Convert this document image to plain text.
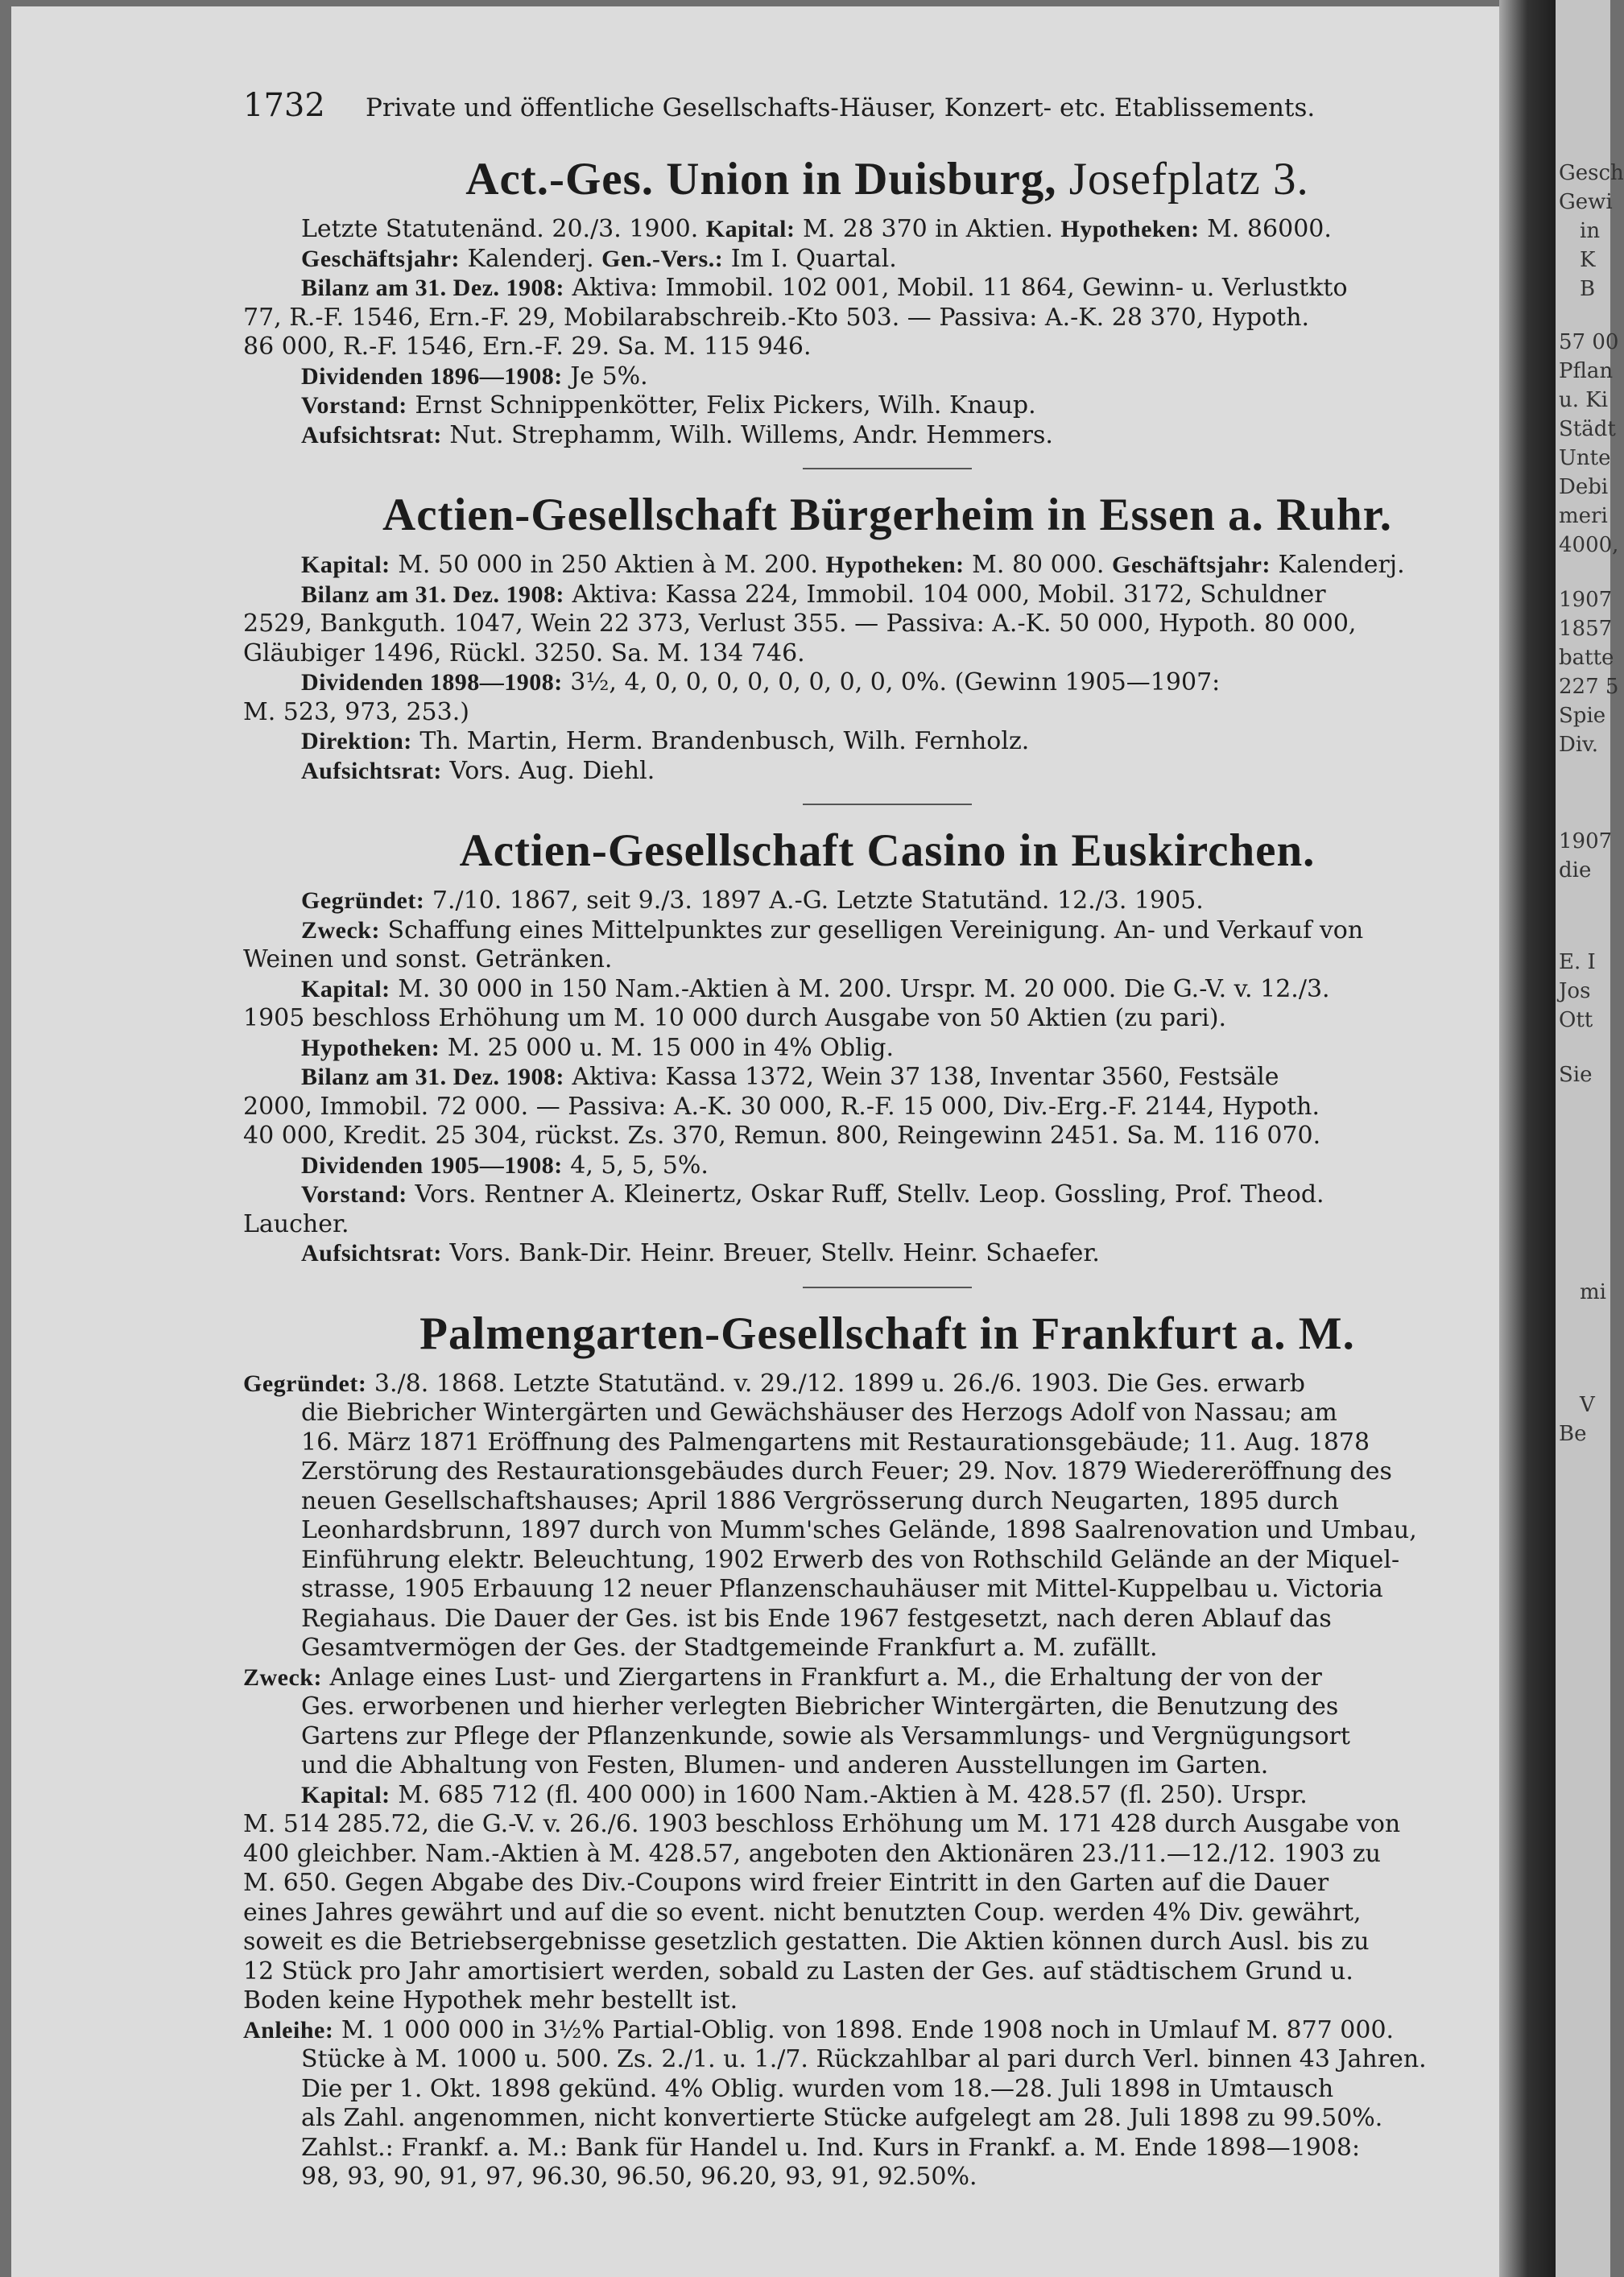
1732 Private und öffentliche Gesellschafts-Häuser, Konzert- etc. Etablissements.
Act.-Ges. Union in Duisburg, Josefplatz 3.

Letzte Statutenänd. 20./3. 1900. Kapital: M. 28 370 in Aktien. Hypotheken: M. 86000.

Geschäftsjahr: Kalenderj. Gen.-Vers.: Im I. Quartal.

Bilanz am 31. Dez. 1908: Aktiva: Immobil. 102 001, Mobil. 11 864, Gewinn- u. Verlustkto

77, R.-F. 1546, Ern.-F. 29, Mobilarabschreib.-Kto 503. — Passiva: A.-K. 28 370, Hypoth.

86 000, R.-F. 1546, Ern.-F. 29. Sa. M. 115 946.

Dividenden 1896—1908: Je 5%.

Vorstand: Ernst Schnippenkötter, Felix Pickers, Wilh. Knaup.

Aufsichtsrat: Nut. Strephamm, Wilh. Willems, Andr. Hemmers.

Actien-Gesellschaft Bürgerheim in Essen a. Ruhr.

Kapital: M. 50 000 in 250 Aktien à M. 200. Hypotheken: M. 80 000. Geschäftsjahr: Kalenderj.

Bilanz am 31. Dez. 1908: Aktiva: Kassa 224, Immobil. 104 000, Mobil. 3172, Schuldner

2529, Bankguth. 1047, Wein 22 373, Verlust 355. — Passiva: A.-K. 50 000, Hypoth. 80 000,

Gläubiger 1496, Rückl. 3250. Sa. M. 134 746.

Dividenden 1898—1908: 3½, 4, 0, 0, 0, 0, 0, 0, 0, 0, 0%. (Gewinn 1905—1907:

M. 523, 973, 253.)

Direktion: Th. Martin, Herm. Brandenbusch, Wilh. Fernholz.

Aufsichtsrat: Vors. Aug. Diehl.

Actien-Gesellschaft Casino in Euskirchen.

Gegründet: 7./10. 1867, seit 9./3. 1897 A.-G. Letzte Statutänd. 12./3. 1905.

Zweck: Schaffung eines Mittelpunktes zur geselligen Vereinigung. An- und Verkauf von

Weinen und sonst. Getränken.

Kapital: M. 30 000 in 150 Nam.-Aktien à M. 200. Urspr. M. 20 000. Die G.-V. v. 12./3.

1905 beschloss Erhöhung um M. 10 000 durch Ausgabe von 50 Aktien (zu pari).

Hypotheken: M. 25 000 u. M. 15 000 in 4% Oblig.

Bilanz am 31. Dez. 1908: Aktiva: Kassa 1372, Wein 37 138, Inventar 3560, Festsäle

2000, Immobil. 72 000. — Passiva: A.-K. 30 000, R.-F. 15 000, Div.-Erg.-F. 2144, Hypoth.

40 000, Kredit. 25 304, rückst. Zs. 370, Remun. 800, Reingewinn 2451. Sa. M. 116 070.

Dividenden 1905—1908: 4, 5, 5, 5%.

Vorstand: Vors. Rentner A. Kleinertz, Oskar Ruff, Stellv. Leop. Gossling, Prof. Theod.

Laucher.

Aufsichtsrat: Vors. Bank-Dir. Heinr. Breuer, Stellv. Heinr. Schaefer.

Palmengarten-Gesellschaft in Frankfurt a. M.

Gegründet: 3./8. 1868. Letzte Statutänd. v. 29./12. 1899 u. 26./6. 1903. Die Ges. erwarb

die Biebricher Wintergärten und Gewächshäuser des Herzogs Adolf von Nassau; am

16. März 1871 Eröffnung des Palmengartens mit Restaurationsgebäude; 11. Aug. 1878

Zerstörung des Restaurationsgebäudes durch Feuer; 29. Nov. 1879 Wiedereröffnung des

neuen Gesellschaftshauses; April 1886 Vergrösserung durch Neugarten, 1895 durch

Leonhardsbrunn, 1897 durch von Mumm'sches Gelände, 1898 Saalrenovation und Umbau,

Einführung elektr. Beleuchtung, 1902 Erwerb des von Rothschild Gelände an der Miquel-

strasse, 1905 Erbauung 12 neuer Pflanzenschauhäuser mit Mittel-Kuppelbau u. Victoria

Regiahaus. Die Dauer der Ges. ist bis Ende 1967 festgesetzt, nach deren Ablauf das

Gesamtvermögen der Ges. der Stadtgemeinde Frankfurt a. M. zufällt.

Zweck: Anlage eines Lust- und Ziergartens in Frankfurt a. M., die Erhaltung der von der

Ges. erworbenen und hierher verlegten Biebricher Wintergärten, die Benutzung des

Gartens zur Pflege der Pflanzenkunde, sowie als Versammlungs- und Vergnügungsort

und die Abhaltung von Festen, Blumen- und anderen Ausstellungen im Garten.

Kapital: M. 685 712 (fl. 400 000) in 1600 Nam.-Aktien à M. 428.57 (fl. 250). Urspr.

M. 514 285.72, die G.-V. v. 26./6. 1903 beschloss Erhöhung um M. 171 428 durch Ausgabe von

400 gleichber. Nam.-Aktien à M. 428.57, angeboten den Aktionären 23./11.—12./12. 1903 zu

M. 650. Gegen Abgabe des Div.-Coupons wird freier Eintritt in den Garten auf die Dauer

eines Jahres gewährt und auf die so event. nicht benutzten Coup. werden 4% Div. gewährt,

soweit es die Betriebsergebnisse gesetzlich gestatten. Die Aktien können durch Ausl. bis zu

12 Stück pro Jahr amortisiert werden, sobald zu Lasten der Ges. auf städtischem Grund u.

Boden keine Hypothek mehr bestellt ist.

Anleihe: M. 1 000 000 in 3½% Partial-Oblig. von 1898. Ende 1908 noch in Umlauf M. 877 000.

Stücke à M. 1000 u. 500. Zs. 2./1. u. 1./7. Rückzahlbar al pari durch Verl. binnen 43 Jahren.

Die per 1. Okt. 1898 gekünd. 4% Oblig. wurden vom 18.—28. Juli 1898 in Umtausch

als Zahl. angenommen, nicht konvertierte Stücke aufgelegt am 28. Juli 1898 zu 99.50%.

Zahlst.: Frankf. a. M.: Bank für Handel u. Ind. Kurs in Frankf. a. M. Ende 1898—1908:

98, 93, 90, 91, 97, 96.30, 96.50, 96.20, 93, 91, 92.50%.

Gesch
Gewi
in
K
B
57 00
Pflan
u. Ki
Städt
Unte
Debi
meri
4000,
1907
1857
batte
227 5
Spie
Div.
1907
die
E. I
Jos
Ott
Sie
mi
V
Be
